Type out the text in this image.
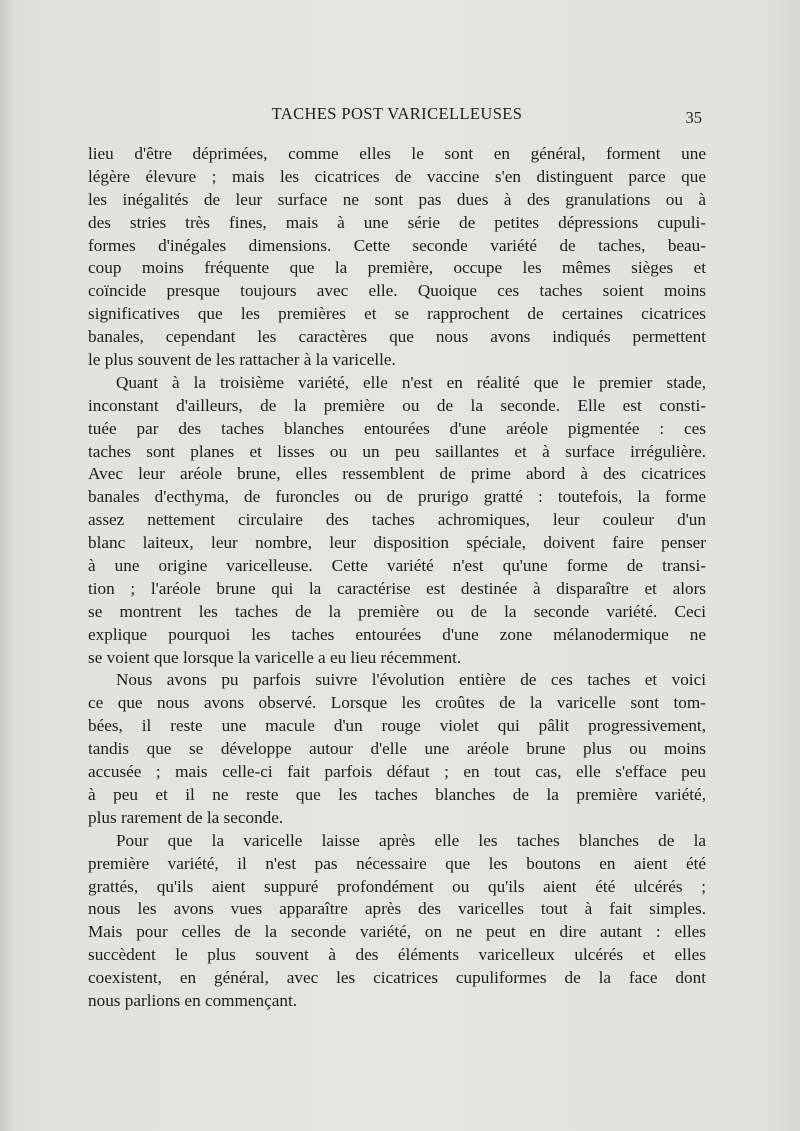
TACHES POST VARICELLEUSES	35
lieu d'être déprimées, comme elles le sont en général, forment une
légère élevure ; mais les cicatrices de vaccine s'en distinguent parce que
les inégalités de leur surface ne sont pas dues à des granulations ou à
des stries très fines, mais à une série de petites dépressions cupuli-
formes d'inégales dimensions. Cette seconde variété de taches, beau-
coup moins fréquente que la première, occupe les mêmes sièges et
coïncide presque toujours avec elle. Quoique ces taches soient moins
significatives que les premières et se rapprochent de certaines cicatrices
banales, cependant les caractères que nous avons indiqués permettent
le plus souvent de les rattacher à la varicelle.
Quant à la troisième variété, elle n'est en réalité que le premier stade,
inconstant d'ailleurs, de la première ou de la seconde. Elle est consti-
tuée par des taches blanches entourées d'une aréole pigmentée : ces
taches sont planes et lisses ou un peu saillantes et à surface irrégulière.
Avec leur aréole brune, elles ressemblent de prime abord à des cicatrices
banales d'ecthyma, de furoncles ou de prurigo gratté : toutefois, la forme
assez nettement circulaire des taches achromiques, leur couleur d'un
blanc laiteux, leur nombre, leur disposition spéciale, doivent faire penser
à une origine varicelleuse. Cette variété n'est qu'une forme de transi-
tion ; l'aréole brune qui la caractérise est destinée à disparaître et alors
se montrent les taches de la première ou de la seconde variété. Ceci
explique pourquoi les taches entourées d'une zone mélanodermique ne
se voient que lorsque la varicelle a eu lieu récemment.
Nous avons pu parfois suivre l'évolution entière de ces taches et voici
ce que nous avons observé. Lorsque les croûtes de la varicelle sont tom-
bées, il reste une macule d'un rouge violet qui pâlit progressivement,
tandis que se développe autour d'elle une aréole brune plus ou moins
accusée ; mais celle-ci fait parfois défaut ; en tout cas, elle s'efface peu
à peu et il ne reste que les taches blanches de la première variété,
plus rarement de la seconde.
Pour que la varicelle laisse après elle les taches blanches de la
première variété, il n'est pas nécessaire que les boutons en aient été
grattés, qu'ils aient suppuré profondément ou qu'ils aient été ulcérés ;
nous les avons vues apparaître après des varicelles tout à fait simples.
Mais pour celles de la seconde variété, on ne peut en dire autant : elles
succèdent le plus souvent à des éléments varicelleux ulcérés et elles
coexistent, en général, avec les cicatrices cupuliformes de la face dont
nous parlions en commençant.
